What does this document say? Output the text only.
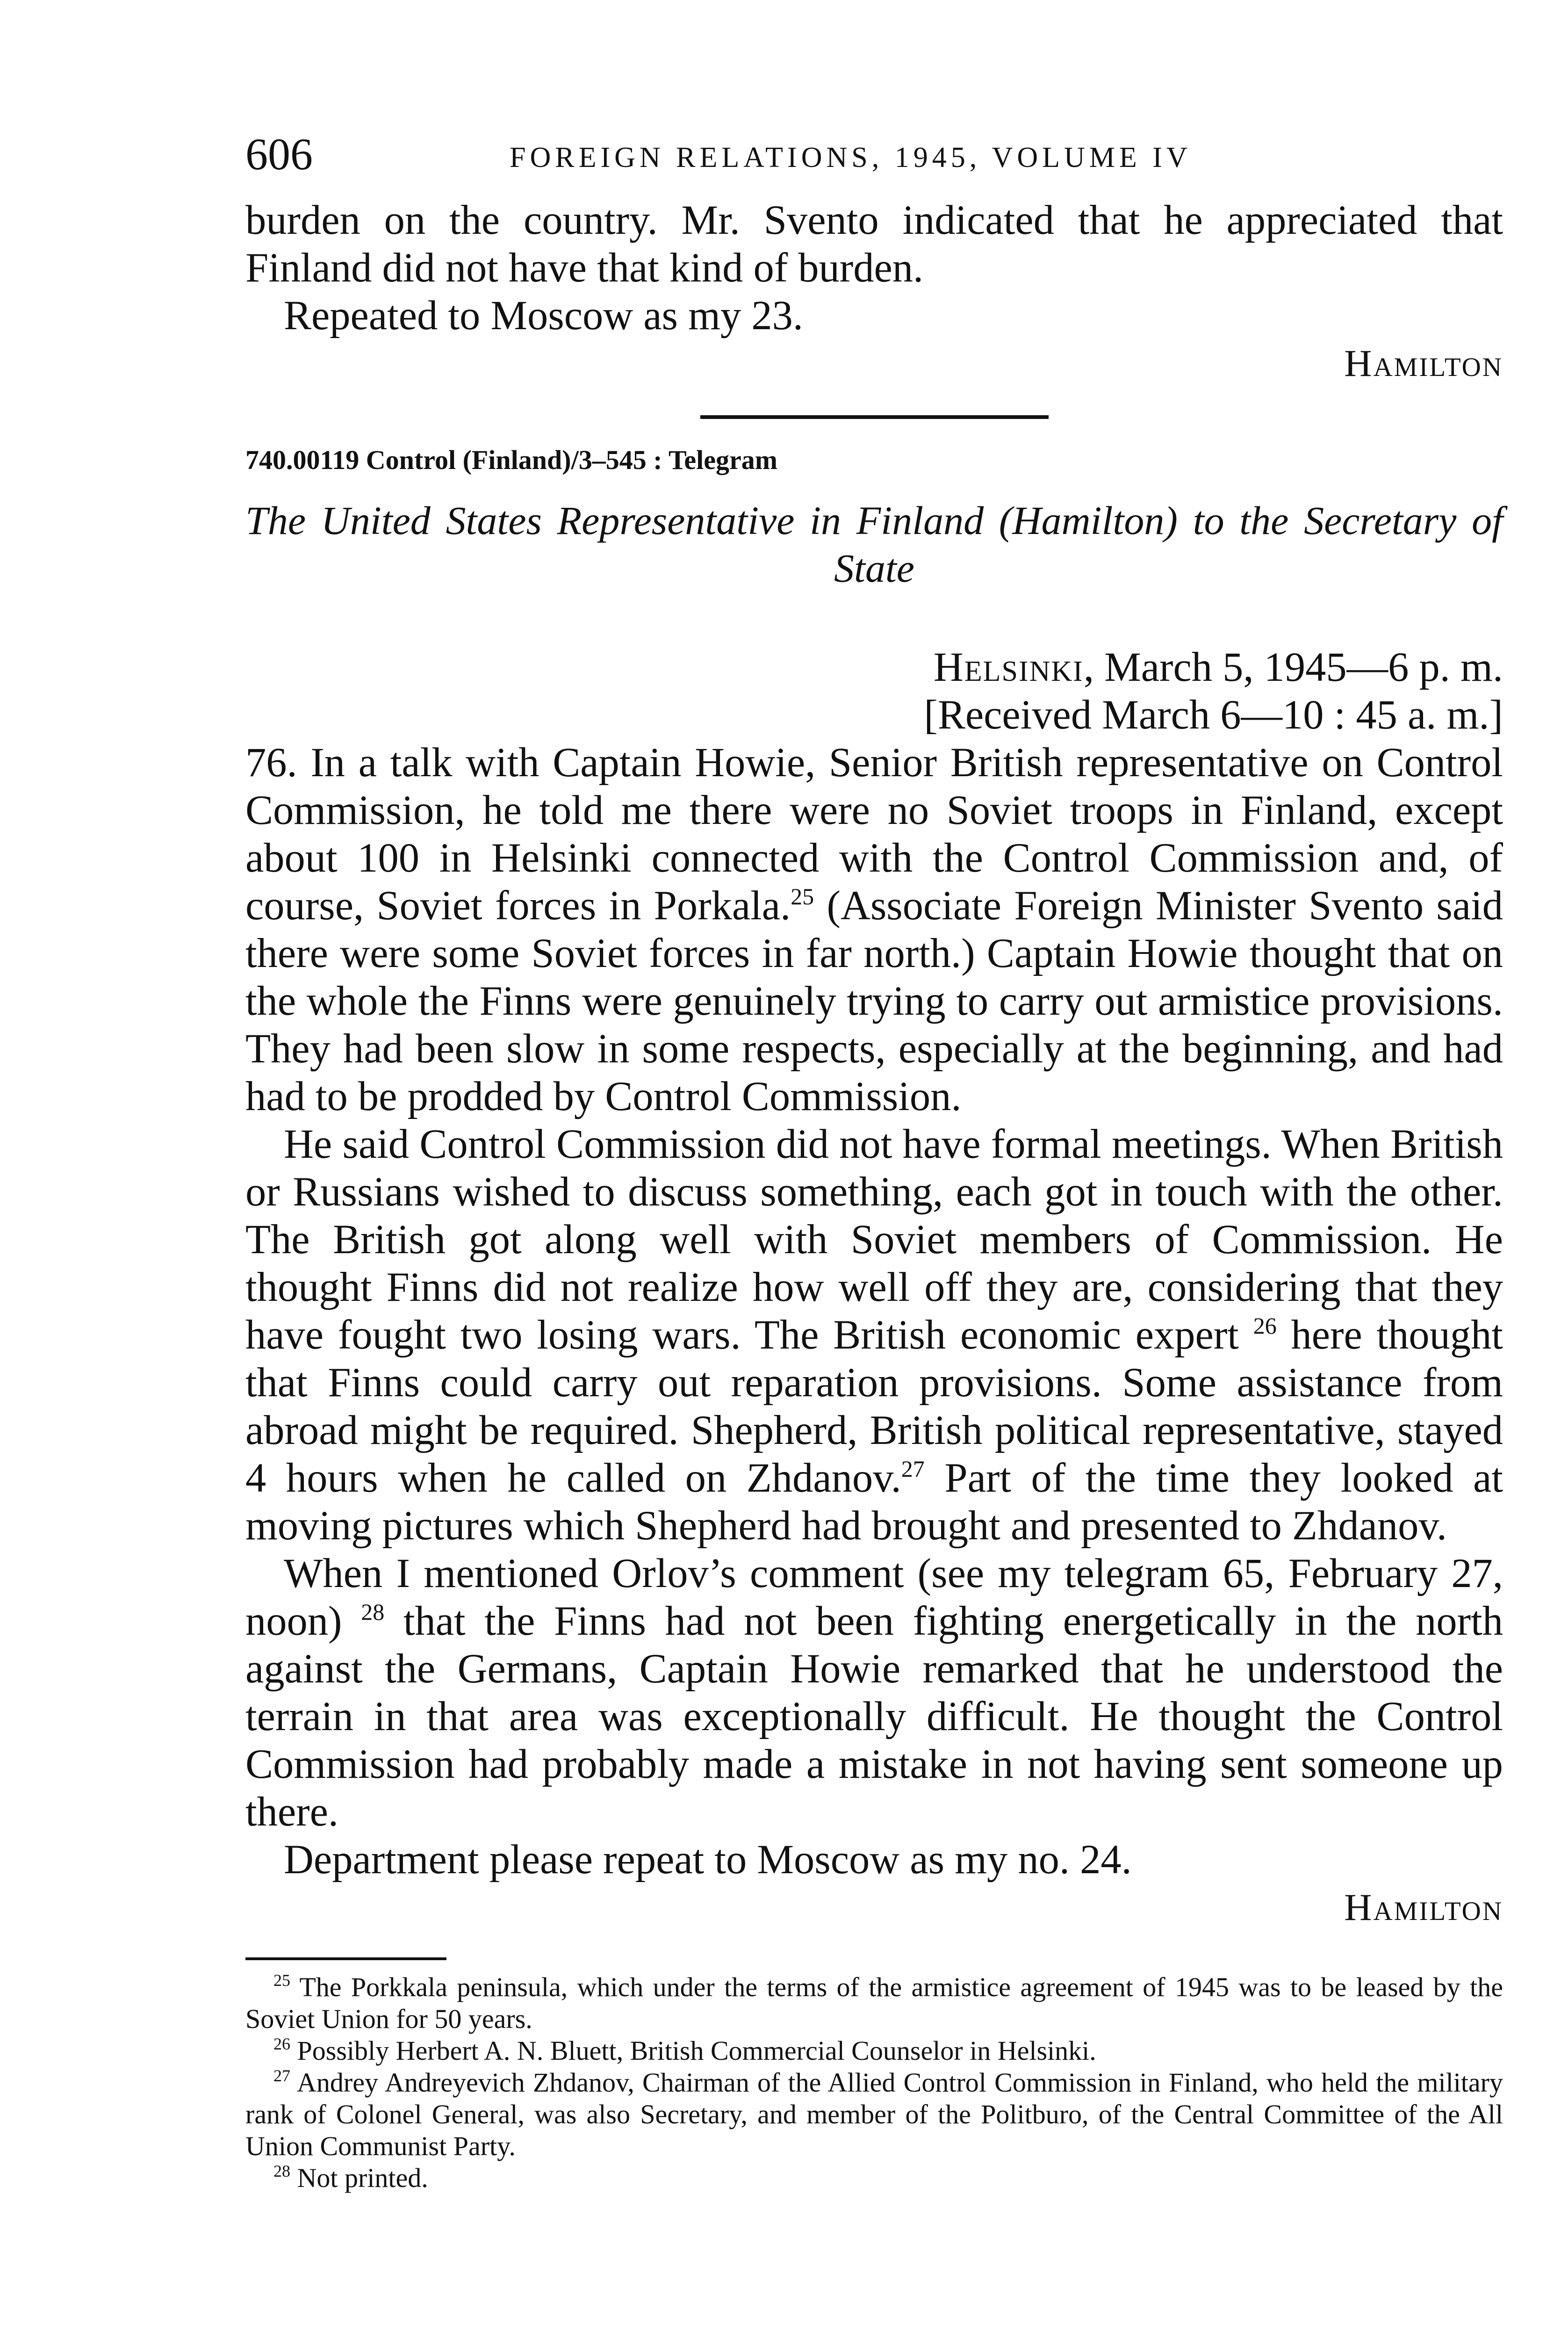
606	FOREIGN RELATIONS, 1945, VOLUME IV

burden on the country. Mr. Svento indicated that he appreciated that Finland did not have that kind of burden.

Repeated to Moscow as my 23.

Hamilton

740.00119 Control (Finland)/3–545 : Telegram

The United States Representative in Finland (Hamilton) to the Secretary of State
Helsinki, March 5, 1945—6 p. m.
[Received March 6—10 : 45 a. m.]

76. In a talk with Captain Howie, Senior British representative on Control Commission, he told me there were no Soviet troops in Finland, except about 100 in Helsinki connected with the Control Commission and, of course, Soviet forces in Porkala.$^{25}$ (Associate Foreign Minister Svento said there were some Soviet forces in far north.) Captain Howie thought that on the whole the Finns were genuinely trying to carry out armistice provisions. They had been slow in some respects, especially at the beginning, and had had to be prodded by Control Commission.

He said Control Commission did not have formal meetings. When British or Russians wished to discuss something, each got in touch with the other. The British got along well with Soviet members of Commission. He thought Finns did not realize how well off they are, considering that they have fought two losing wars. The British economic expert $^{26}$ here thought that Finns could carry out reparation provisions. Some assistance from abroad might be required. Shepherd, British political representative, stayed 4 hours when he called on Zhdanov.$^{27}$ Part of the time they looked at moving pictures which Shepherd had brought and presented to Zhdanov.

When I mentioned Orlov’s comment (see my telegram 65, February 27, noon) $^{28}$ that the Finns had not been fighting energetically in the north against the Germans, Captain Howie remarked that he understood the terrain in that area was exceptionally difficult. He thought the Control Commission had probably made a mistake in not having sent someone up there.

Department please repeat to Moscow as my no. 24.

Hamilton

$^{25}$ The Porkkala peninsula, which under the terms of the armistice agreement of 1945 was to be leased by the Soviet Union for 50 years.

$^{26}$ Possibly Herbert A. N. Bluett, British Commercial Counselor in Helsinki.

$^{27}$ Andrey Andreyevich Zhdanov, Chairman of the Allied Control Commission in Finland, who held the military rank of Colonel General, was also Secretary, and member of the Politburo, of the Central Committee of the All Union Communist Party.

$^{28}$ Not printed.
